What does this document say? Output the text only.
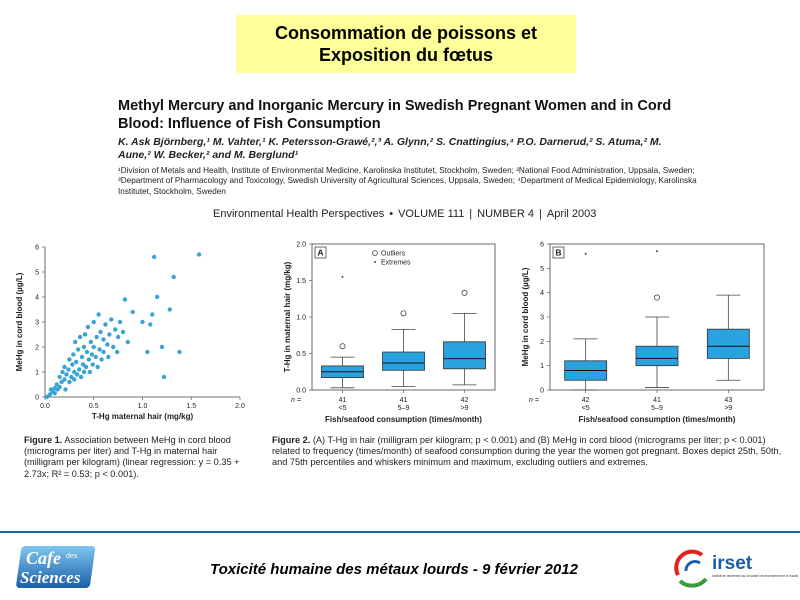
Consommation de poissons et
Exposition du fœtus
Methyl Mercury and Inorganic Mercury in Swedish Pregnant Women and in Cord Blood: Influence of Fish Consumption
K. Ask Björnberg,¹ M. Vahter,¹ K. Petersson-Grawé,²,³ A. Glynn,² S. Cnattingius,⁴ P.O. Darnerud,² S. Atuma,² M. Aune,² W. Becker,² and M. Berglund¹
¹Division of Metals and Health, Institute of Environmental Medicine, Karolinska Institutet, Stockholm, Sweden; ²National Food Administration, Uppsala, Sweden; ³Department of Pharmacology and Toxicology, Swedish University of Agricultural Sciences, Uppsala, Sweden; ⁴Department of Medical Epidemiology, Karolinska Institutet, Stockholm, Sweden
Environmental Health Perspectives • VOLUME 111 | NUMBER 4 | April 2003
0
1
2
3
4
5
6
0.0	0.5	1.0	1.5	2.0
T-Hg maternal hair (mg/kg)
MeHg in cord blood (µg/L)
0.0
0.5
1.0
1.5
2.0
A	Outliers
Extremes
41
<5
41
5–9
42
>9
n =
Fish/seafood consumption (times/month)
T-Hg in maternal hair (mg/kg)
0
1
2
3
4
5
6
B
42
<5
41
5–9
43
>9
n =
Fish/seafood consumption (times/month)
MeHg in cord blood (µg/L)
Figure 1. Association between MeHg in cord blood (micrograms per liter) and T-Hg in maternal hair (milligram per kilogram) (linear regression: y = 0.35 + 2.73x; R² = 0.53; p < 0.001).
Figure 2. (A) T-Hg in hair (milligram per kilogram; p < 0.001) and (B) MeHg in cord blood (micrograms per liter; p < 0.001) related to frequency (times/month) of seafood consumption during the year the women got pregnant. Boxes depict 25th, 50th, and 75th percentiles and whiskers minimum and maximum, excluding outliers and extremes.
Toxicité humaine des métaux lourds - 9 février 2012
Cafe des
Sciences
irset
Institut de recherche sur la santé l'environnement et le travail
